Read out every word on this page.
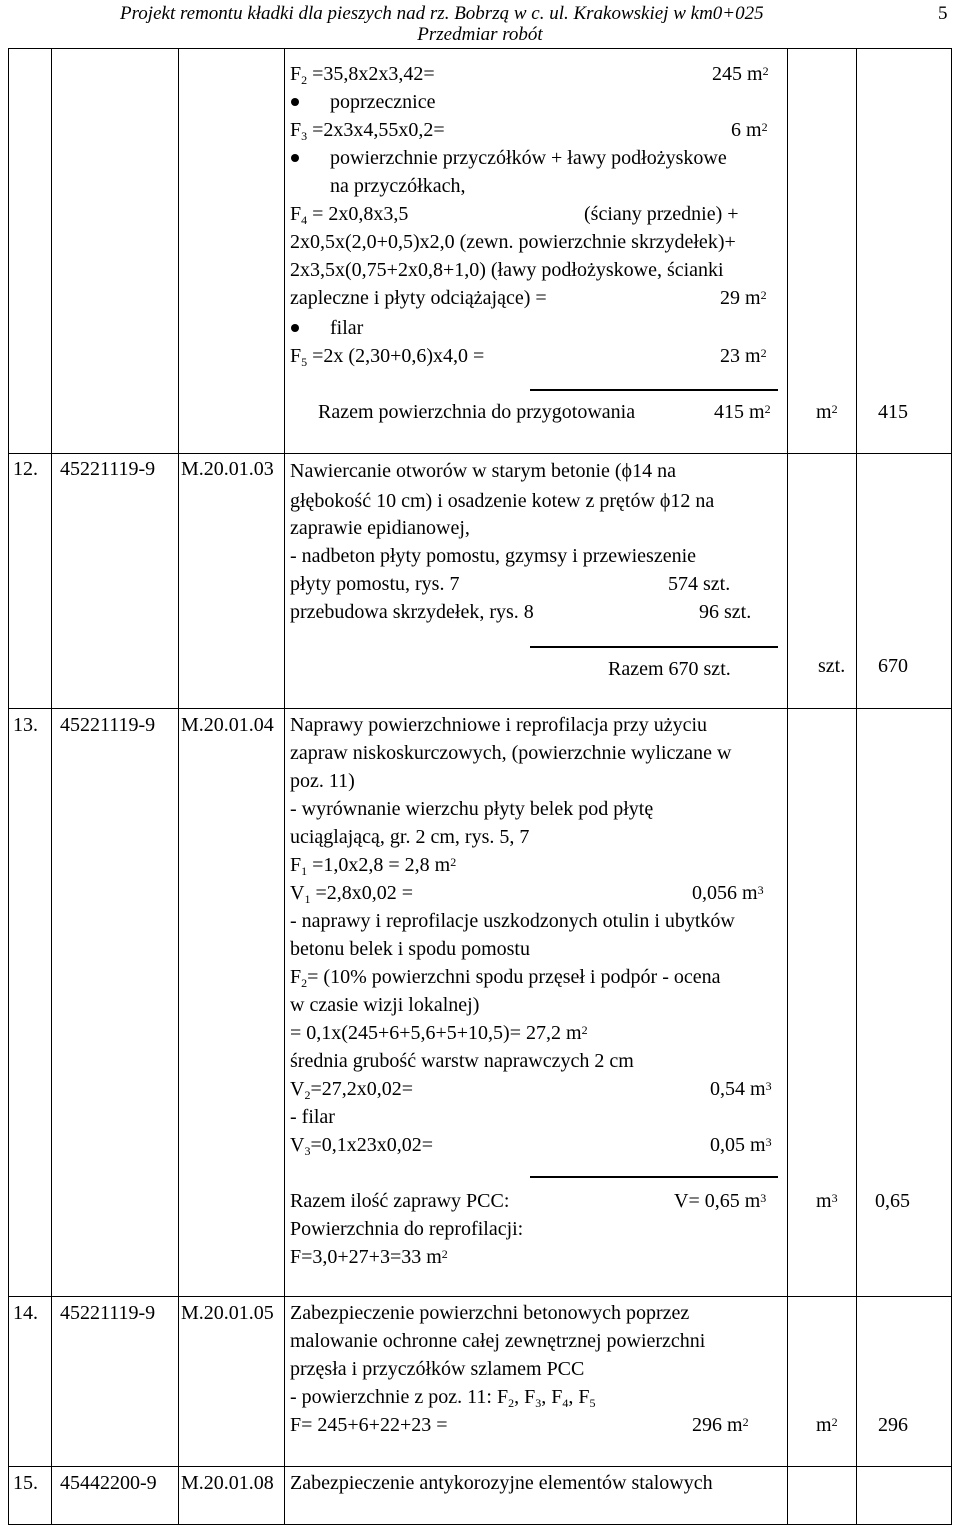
Projekt remontu kładki dla pieszych nad rz. Bobrzą w c. ul. Krakowskiej w km0+025
Przedmiar robót
5
$F_2 =35,8x2x3,42=$	245 $m^2$
poprzecznice
$F_3 =2x3x4,55x0,2=$	6 $m^2$
powierzchnie przyczółków + ławy podłożyskowe
na przyczółkach,
$F_4 = 2x0,8x3,5$	(ściany przednie) +
2x0,5x(2,0+0,5)x2,0 (zewn. powierzchnie skrzydełek)+
2x3,5x(0,75+2x0,8+1,0) (ławy podłożyskowe, ścianki
zapleczne i płyty odciążające) =	29 $m^2$
filar
$F_5 =2x$ (2,30+0,6)x4,0 =	23 $m^2$
Razem powierzchnia do przygotowania	415 $m^2$ $m^2$ 415
12. 45221119-9 M.20.01.03 Nawiercanie otworów w starym betonie (ϕ14 na
głębokość 10 cm) i osadzenie kotew z prętów ϕ12 na
zaprawie epidianowej,
- nadbeton płyty pomostu, gzymsy i przewieszenie
płyty pomostu, rys. 7	574 szt.
przebudowa skrzydełek, rys. 8	96 szt.
Razem 670 szt.	szt. 670
13. 45221119-9 M.20.01.04 Naprawy powierzchniowe i reprofilacja przy użyciu
zapraw niskoskurczowych, (powierzchnie wyliczane w
poz. 11)
- wyrównanie wierzchu płyty belek pod płytę
uciąglającą, gr. 2 cm, rys. 5, 7
$F_1 =1,0x2,8 = 2,8$ $m^2$
$V_1 =2,8x0,02$ =	0,056 $m^3$
- naprawy i reprofilacje uszkodzonych otulin i ubytków
betonu belek i spodu pomostu
$F_2= (10\%$ powierzchni spodu przęseł i podpór - ocena
w czasie wizji lokalnej)
= 0,1x(245+6+5,6+5+10,5)= 27,2 $m^2$
średnia grubość warstw naprawczych 2 cm
$V_2=27,2x0,02=$	0,54 $m^3$
- filar
$V_3=0,1x23x0,02=$	0,05 $m^3$
Razem ilość zaprawy PCC:	V= 0,65 $m^3$
Powierzchnia do reprofilacji:
F=3,0+27+3=33 $m^2$
$m^3$ 0,65
14. 45221119-9 M.20.01.05 Zabezpieczenie powierzchni betonowych poprzez
malowanie ochronne całej zewnętrznej powierzchni
przęsła i przyczółków szlamem PCC
- powierzchnie z poz. 11: $F_2$, $F_3$, $F_4$, $F_5$
F= 245+6+22+23 =	296 $m^2$	$m^2$ 296
15. 45442200-9 M.20.01.08 Zabezpieczenie antykorozyjne elementów stalowych
